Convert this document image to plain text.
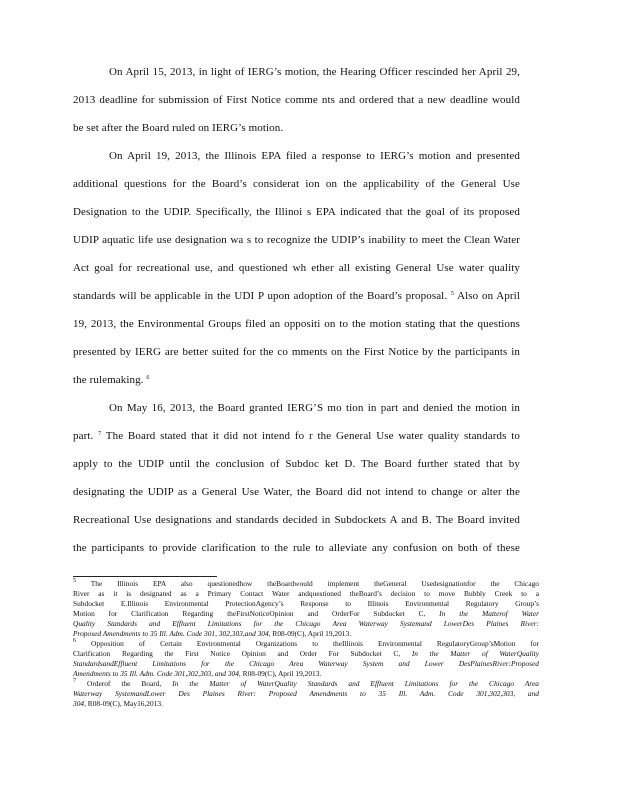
On April 15, 2013, in light of IERG’s motion, the Hearing Officer rescinded her April 29,
2013 deadline for submission of First Notice comme nts and ordered that a new deadline would
be set after the Board ruled on IERG’s motion.
On April 19, 2013, the Illinois EPA filed a response to IERG’s motion and presented
additional questions for the Board’s considerat ion on the applicability of the General Use
Designation to the UDIP. Specifically, the Illinoi s EPA indicated that the goal of its proposed
UDIP aquatic life use designation wa s to recognize the UDIP’s inability to meet the Clean Water
Act goal for recreational use, and questioned wh ether all existing General Use water quality
standards will be applicable in the UDI P upon adoption of the Board’s proposal. $^5$ Also on April
19, 2013, the Environmental Groups filed an oppositi on to the motion stating that the questions
presented by IERG are better suited for the co mments on the First Notice by the participants in
the rulemaking. $^6$
On May 16, 2013, the Board granted IERG’S mo tion in part and denied the motion in
part. $^7$ The Board stated that it did not intend fo r the General Use water quality standards to
apply to the UDIP until the conclusion of Subdoc ket D. The Board further stated that by
designating the UDIP as a General Use Water, the Board did not intend to change or alter the
Recreational Use designations and standards decided in Subdockets A and B. The Board invited
the participants to provide clarification to the rule to alleviate any confusion on both of these
$^5$ The Illinois EPA also questionedhow theBoardwould implement theGeneral Usedesignationfor the Chicago
River as it is designated as a Primary Contact Water andquestioned theBoard’s decision to move Bubbly Creek to a
Subdocket E.Illinois Environmental ProtectionAgency’s Response to Illinois Environmental Regulatory Group’s
Motion for Clarification Regarding theFirstNoticeOpinion and OrderFor Subdocket C, In the Matterof Water
Quality Standards and Effluent Limitations for the Chicago Area Waterway Systemand LowerDes Plaines River:
Proposed Amendments to 35 Ill. Adm. Code 301, 302,303,and 304, R08-09(C), April 19,2013.
$^6$ Opposition of Certain Environmental Organizations to theIllinois Environmental RegulatoryGroup’sMotion for
Clarification Regarding the First Notice Opinion and Order For Subdocket C, In the Matter of WaterQuality
StandardsandEffluent Limitations for the Chicago Area Waterway System and Lower DesPlainesRiver:Proposed
Amendments to 35 Ill. Adm. Code 301,302,303, and 304, R08-09(C), April 19,2013.
$^7$ Orderof the Board, In the Matter of WaterQuality Standards and Effluent Limitations for the Chicago Area
Waterway SystemandLower Des Plaines River: Proposed Amendments to 35 Ill. Adm. Code 301,302,303, and
304, R08-09(C), May16,2013.
